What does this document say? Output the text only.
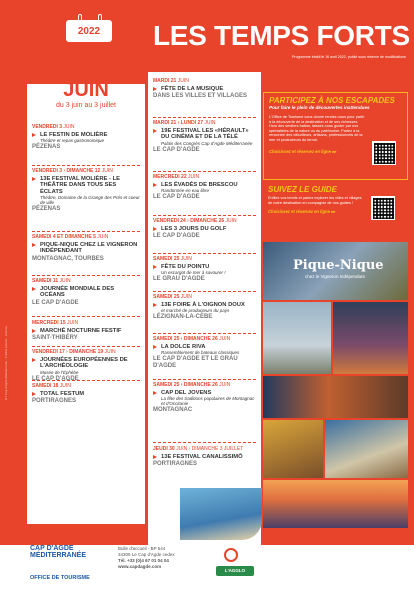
OT Cap d'Agde Méditerranée - Crédits photos - Licence
2022	LES TEMPS FORTS
Programme établi le 16 avril 2022, publié sous réserve de modifications
JUIN
du 3 juin au 3 juillet
VENDREDI 3 JUIN
LE FESTIN DE MOLIÈRE
Théâtre et repas gastronomique
PÉZENAS
VENDREDI 3 › DIMANCHE 12 JUIN
13E FESTIVAL MOLIÈRE - LE THÉÂTRE DANS TOUS SES ÉCLATS
Théâtre, Domaine de la Grange des Prés et coeur de ville
PÉZENAS
SAMEDI 4 ET DIMANCHE 5 JUIN
PIQUE-NIQUE CHEZ LE VIGNERON INDÉPENDANT
MONTAGNAC, TOURBES
SAMEDI 11 JUIN
JOURNÉE MONDIALE DES OCÉANS
LE CAP D'AGDE
MERCREDI 15 JUIN
MARCHÉ NOCTURNE FESTIF
SAINT-THIBÉRY
VENDREDI 17 › DIMANCHE 19 JUIN
JOURNÉES EUROPÉENNES DE L'ARCHÉOLOGIE
Musée de l'Éphèbe
LE CAP D'AGDE
SAMEDI 18 JUIN
TOTAL FESTUM
PORTIRAGNES
MARDI 21 JUIN
FÊTE DE LA MUSIQUE
DANS LES VILLES ET VILLAGES
MARDI 21 › LUNDI 27 JUIN
19E FESTIVAL LES «HÉRAULT» DU CINÉMA ET DE LA TÉLÉ
Palais des Congrès Cap d'Agde Méditerranée
LE CAP D'AGDE
MERCREDI 22 JUIN
LES ÉVADÉS DE BRESCOU
Randonnée en eau libre
LE CAP D'AGDE
VENDREDI 24 › DIMANCHE 26 JUIN
LES 3 JOURS DU GOLF
LE CAP D'AGDE
SAMEDI 25 JUIN
FÊTE DU POINTU
Un escargot de mer à savourer !
LE GRAU D'AGDE
SAMEDI 25 JUIN
13E FOIRE À L'OIGNON DOUX
et marché de producteurs du pays
LÉZIGNAN-LA-CÈBE
SAMEDI 25 › DIMANCHE 26 JUIN
LA DOLCE RIVA
Rassemblement de bateaux classiques
LE CAP D'AGDE ET LE GRAU D'AGDE
SAMEDI 25 › DIMANCHE 26 JUIN
CAP DEL JOVENS
La fête des traditions populaires de Montagnac et d'Occitanie
MONTAGNAC
JEUDI 30 JUIN › DIMANCHE 3 JUILLET
13E FESTIVAL CANALISSIMÔ
PORTIRAGNES
PARTICIPEZ À NOS ESCAPADES
Pour faire le plein de découvertes inattendues
L'Office de Tourisme vous donne rendez-vous pour partir à la découverte de la destination et de ses richesses. Hors des sentiers battus, laissez-vous guider par nos spécialistes de la nature ou du patrimoine. Partez à la rencontre des viticulteurs, artisans, professionnels de la mer et producteurs du terroir.
Choisissez et réservez en ligne ▸▸
SUIVEZ LE GUIDE
Enfilez vos tennis et partez explorer les villes et villages de notre destination en compagnie de nos guides !
Choisissez et réservez en ligne ▸▸
Pique-Nique
chez le Vigneron Indépendant
REJOIGNEZ NOTRE GROUPE « SORTIES ET ANIMATIONS CAP D'AGDE MÉDITERRANÉE » ET RETROUVEZ NOS DERNIÈRES ACTUALITÉS !
#capdagdemediterranee
CAP D'AGDE
MÉDITERRANÉE
OFFICE DE TOURISME
Bulle d'accueil - BP 544
34305 Le Cap d'Agde cedex
Tél. +33 (0)4 67 01 04 04
www.capdagde.com
L'AGGLO
